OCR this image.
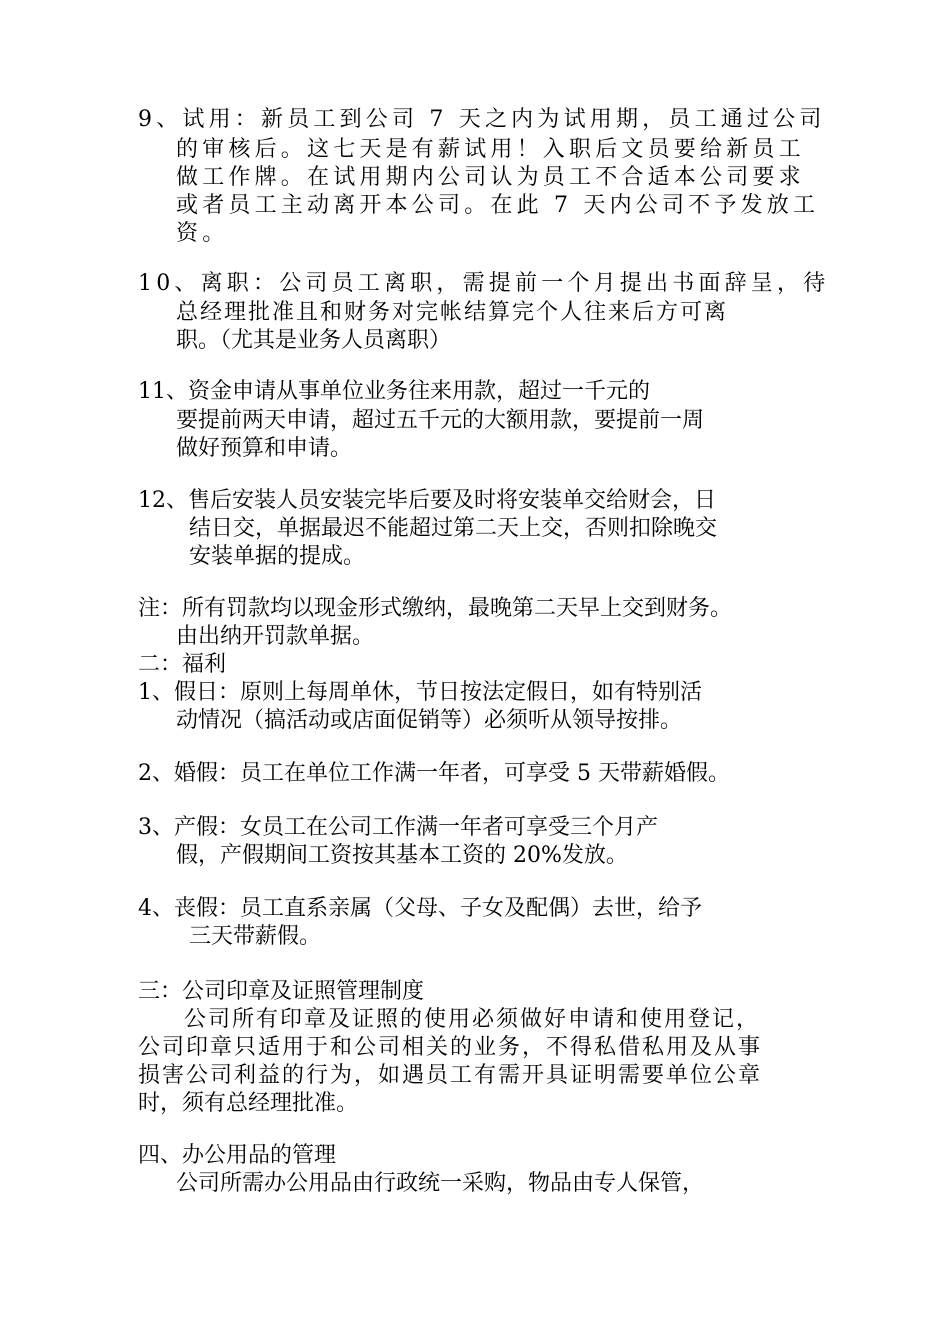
9、试用：新员工到公司 7 天之内为试用期，员工通过公司

的审核后。这七天是有薪试用！入职后文员要给新员工

做工作牌。在试用期内公司认为员工不合适本公司要求

或者员工主动离开本公司。在此 7 天内公司不予发放工

资。

10、离职：公司员工离职，需提前一个月提出书面辞呈，待

总经理批准且和财务对完帐结算完个人往来后方可离

职。（尤其是业务人员离职）

11、资金申请从事单位业务往来用款，超过一千元的

要提前两天申请，超过五千元的大额用款，要提前一周

做好预算和申请。

12、售后安装人员安装完毕后要及时将安装单交给财会，日

结日交，单据最迟不能超过第二天上交，否则扣除晚交

安装单据的提成。

注：所有罚款均以现金形式缴纳，最晚第二天早上交到财务。

由出纳开罚款单据。

二：福利

1、假日：原则上每周单休，节日按法定假日，如有特别活

动情况（搞活动或店面促销等）必须听从领导按排。

2、婚假：员工在单位工作满一年者，可享受 5 天带薪婚假。

3、产假：女员工在公司工作满一年者可享受三个月产

假，产假期间工资按其基本工资的 20%发放。

4、丧假：员工直系亲属（父母、子女及配偶）去世，给予

三天带薪假。

三：公司印章及证照管理制度

公司所有印章及证照的使用必须做好申请和使用登记，

公司印章只适用于和公司相关的业务，不得私借私用及从事

损害公司利益的行为，如遇员工有需开具证明需要单位公章

时，须有总经理批准。

四、办公用品的管理

公司所需办公用品由行政统一采购，物品由专人保管，
